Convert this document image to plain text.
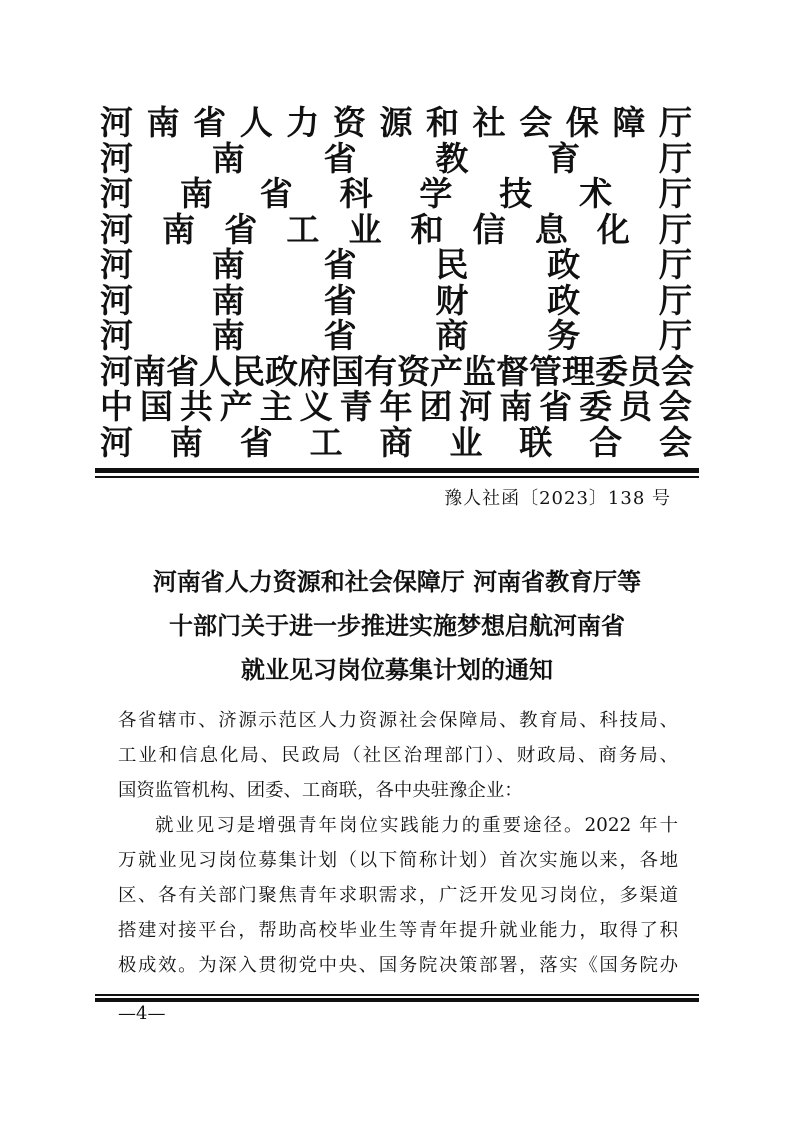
河 南 省 人 力 资 源 和 社 会 保 障 厅
河 南 省 教 育 厅
河 南 省 科 学 技 术 厅
河 南 省 工 业 和 信 息 化 厅
河 南 省 民 政 厅
河 南 省 财 政 厅
河 南 省 商 务 厅
河 南 省 人 民 政 府 国 有 资 产 监 督 管 理 委 员 会
中 国 共 产 主 义 青 年 团 河 南 省 委 员 会
河 南 省 工 商 业 联 合 会
豫人社函〔2023〕138 号
河南省人力资源和社会保障厅 河南省教育厅等
十部门关于进一步推进实施梦想启航河南省
就业见习岗位募集计划的通知
各省辖市、济源示范区人力资源社会保障局、教育局、科技局、
工业和信息化局、民政局（社区治理部门）、财政局、商务局、
国资监管机构、团委、工商联，各中央驻豫企业：
就业见习是增强青年岗位实践能力的重要途径。2022 年十
万就业见习岗位募集计划（以下简称计划）首次实施以来，各地
区、各有关部门聚焦青年求职需求，广泛开发见习岗位，多渠道
搭建对接平台，帮助高校毕业生等青年提升就业能力，取得了积
极成效。为深入贯彻党中央、国务院决策部署，落实《国务院办
—4—
